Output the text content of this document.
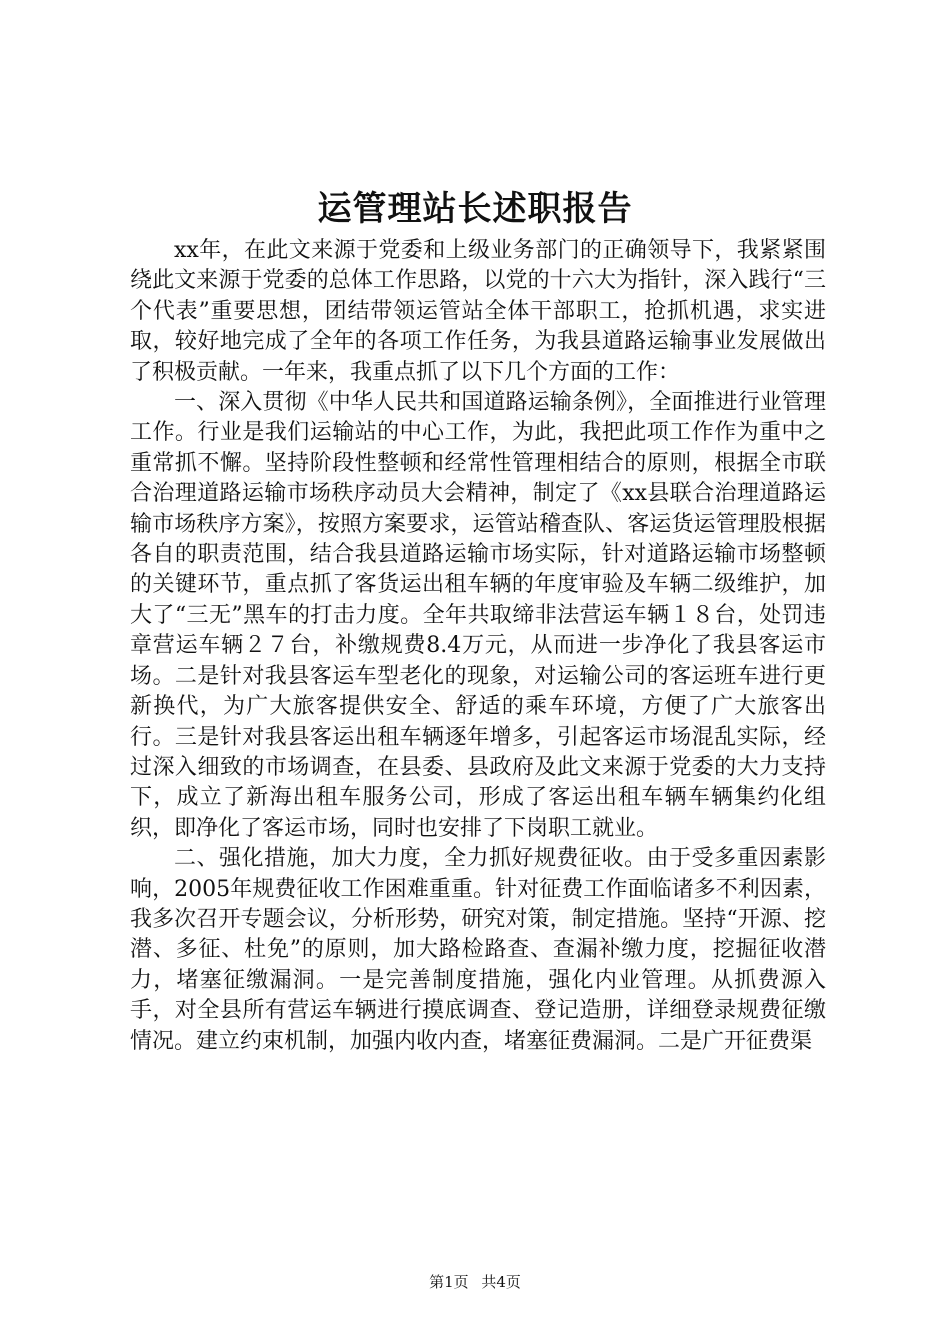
运管理站长述职报告

xx年，在此文来源于党委和上级业务部门的正确领导下，我紧紧围绕此文来源于党委的总体工作思路，以党的十六大为指针，深入践行“三个代表”重要思想，团结带领运管站全体干部职工，抢抓机遇，求实进取，较好地完成了全年的各项工作任务，为我县道路运输事业发展做出了积极贡献。一年来，我重点抓了以下几个方面的工作：

一、深入贯彻《中华人民共和国道路运输条例》，全面推进行业管理工作。行业是我们运输站的中心工作，为此，我把此项工作作为重中之重常抓不懈。坚持阶段性整顿和经常性管理相结合的原则，根据全市联合治理道路运输市场秩序动员大会精神，制定了《xx县联合治理道路运输市场秩序方案》，按照方案要求，运管站稽查队、客运货运管理股根据各自的职责范围，结合我县道路运输市场实际，针对道路运输市场整顿的关键环节，重点抓了客货运出租车辆的年度审验及车辆二级维护，加大了“三无”黑车的打击力度。全年共取缔非法营运车辆１８台，处罚违章营运车辆２７台，补缴规费8.4万元，从而进一步净化了我县客运市场。二是针对我县客运车型老化的现象，对运输公司的客运班车进行更新换代，为广大旅客提供安全、舒适的乘车环境，方便了广大旅客出行。三是针对我县客运出租车辆逐年增多，引起客运市场混乱实际，经过深入细致的市场调查，在县委、县政府及此文来源于党委的大力支持下，成立了新海出租车服务公司，形成了客运出租车辆车辆集约化组织，即净化了客运市场，同时也安排了下岗职工就业。

二、强化措施，加大力度，全力抓好规费征收。由于受多重因素影响，2005年规费征收工作困难重重。针对征费工作面临诸多不利因素，我多次召开专题会议，分析形势，研究对策，制定措施。坚持“开源、挖潜、多征、杜免”的原则，加大路检路查、查漏补缴力度，挖掘征收潜力，堵塞征缴漏洞。一是完善制度措施，强化内业管理。从抓费源入手，对全县所有营运车辆进行摸底调查、登记造册，详细登录规费征缴情况。建立约束机制，加强内收内查，堵塞征费漏洞。二是广开征费渠

第1页 共4页
